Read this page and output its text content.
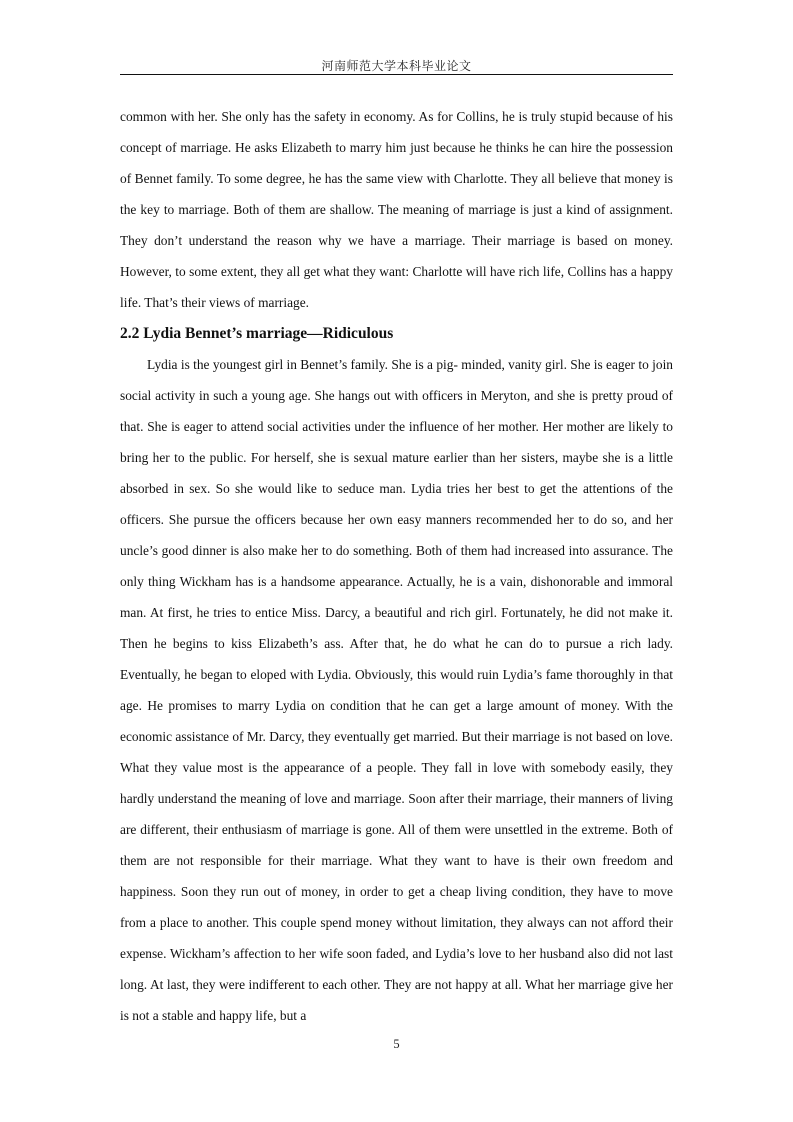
河南师范大学本科毕业论文

common with her. She only has the safety in economy. As for Collins, he is truly stupid because of his concept of marriage. He asks Elizabeth to marry him just because he thinks he can hire the possession of Bennet family. To some degree, he has the same view with Charlotte. They all believe that money is the key to marriage. Both of them are shallow. The meaning of marriage is just a kind of assignment. They don’t understand the reason why we have a marriage. Their marriage is based on money. However, to some extent, they all get what they want: Charlotte will have rich life, Collins has a happy life. That’s their views of marriage.

2.2 Lydia Bennet’s marriage—Ridiculous

Lydia is the youngest girl in Bennet’s family. She is a pig- minded, vanity girl. She is eager to join social activity in such a young age. She hangs out with officers in Meryton, and she is pretty proud of that. She is eager to attend social activities under the influence of her mother. Her mother are likely to bring her to the public. For herself, she is sexual mature earlier than her sisters, maybe she is a little absorbed in sex. So she would like to seduce man. Lydia tries her best to get the attentions of the officers. She pursue the officers because her own easy manners recommended her to do so, and her uncle’s good dinner is also make her to do something. Both of them had increased into assurance. The only thing Wickham has is a handsome appearance. Actually, he is a vain, dishonorable and immoral man. At first, he tries to entice Miss. Darcy, a beautiful and rich girl. Fortunately, he did not make it. Then he begins to kiss Elizabeth’s ass. After that, he do what he can do to pursue a rich lady. Eventually, he began to eloped with Lydia. Obviously, this would ruin Lydia’s fame thoroughly in that age. He promises to marry Lydia on condition that he can get a large amount of money. With the economic assistance of Mr. Darcy, they eventually get married. But their marriage is not based on love. What they value most is the appearance of a people. They fall in love with somebody easily, they hardly understand the meaning of love and marriage. Soon after their marriage, their manners of living are different, their enthusiasm of marriage is gone. All of them were unsettled in the extreme. Both of them are not responsible for their marriage. What they want to have is their own freedom and happiness. Soon they run out of money, in order to get a cheap living condition, they have to move from a place to another. This couple spend money without limitation, they always can not afford their expense. Wickham’s affection to her wife soon faded, and Lydia’s love to her husband also did not last long. At last, they were indifferent to each other. They are not happy at all. What her marriage give her is not a stable and happy life, but a

5
